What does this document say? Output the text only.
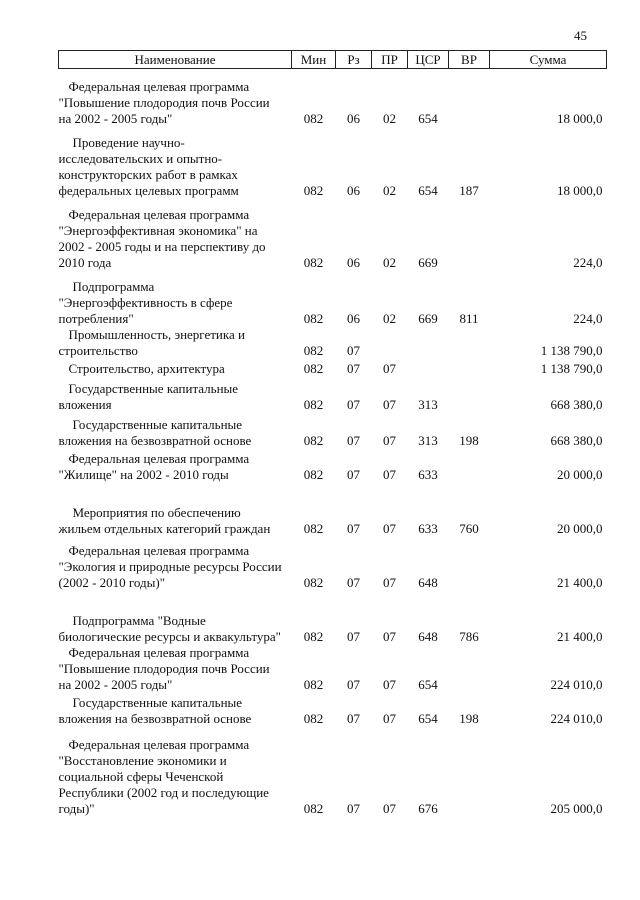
45
Наименование	Мин	Рз	ПР	ЦСР	ВР	Сумма

Федеральная целевая программа "Повышение плодородия почв России на 2002 - 2005 годы"	082	06	02	654		18 000,0

Проведение научно-исследовательских и опытно-конструкторских работ в рамках федеральных целевых программ	082	06	02	654	187	18 000,0

Федеральная целевая программа "Энергоэффективная экономика" на 2002 - 2005 годы и на перспективу до 2010 года	082	06	02	669		224,0

Подпрограмма "Энергоэффективность в сфере потребления"	082	06	02	669	811	224,0

Промышленность, энергетика и строительство	082	07				1 138 790,0

Строительство, архитектура	082	07	07			1 138 790,0

Государственные капитальные вложения	082	07	07	313		668 380,0

Государственные капитальные вложения на безвозвратной основе	082	07	07	313	198	668 380,0

Федеральная целевая программа "Жилище" на 2002 - 2010 годы	082	07	07	633		20 000,0

Мероприятия по обеспечению жильем отдельных категорий граждан	082	07	07	633	760	20 000,0

Федеральная целевая программа "Экология и природные ресурсы России (2002 - 2010 годы)"	082	07	07	648		21 400,0

Подпрограмма "Водные биологические ресурсы и аквакультура"	082	07	07	648	786	21 400,0

Федеральная целевая программа "Повышение плодородия почв России на 2002 - 2005 годы"	082	07	07	654		224 010,0

Государственные капитальные вложения на безвозвратной основе	082	07	07	654	198	224 010,0

Федеральная целевая программа "Восстановление экономики и социальной сферы Чеченской Республики (2002 год и последующие годы)"	082	07	07	676		205 000,0
